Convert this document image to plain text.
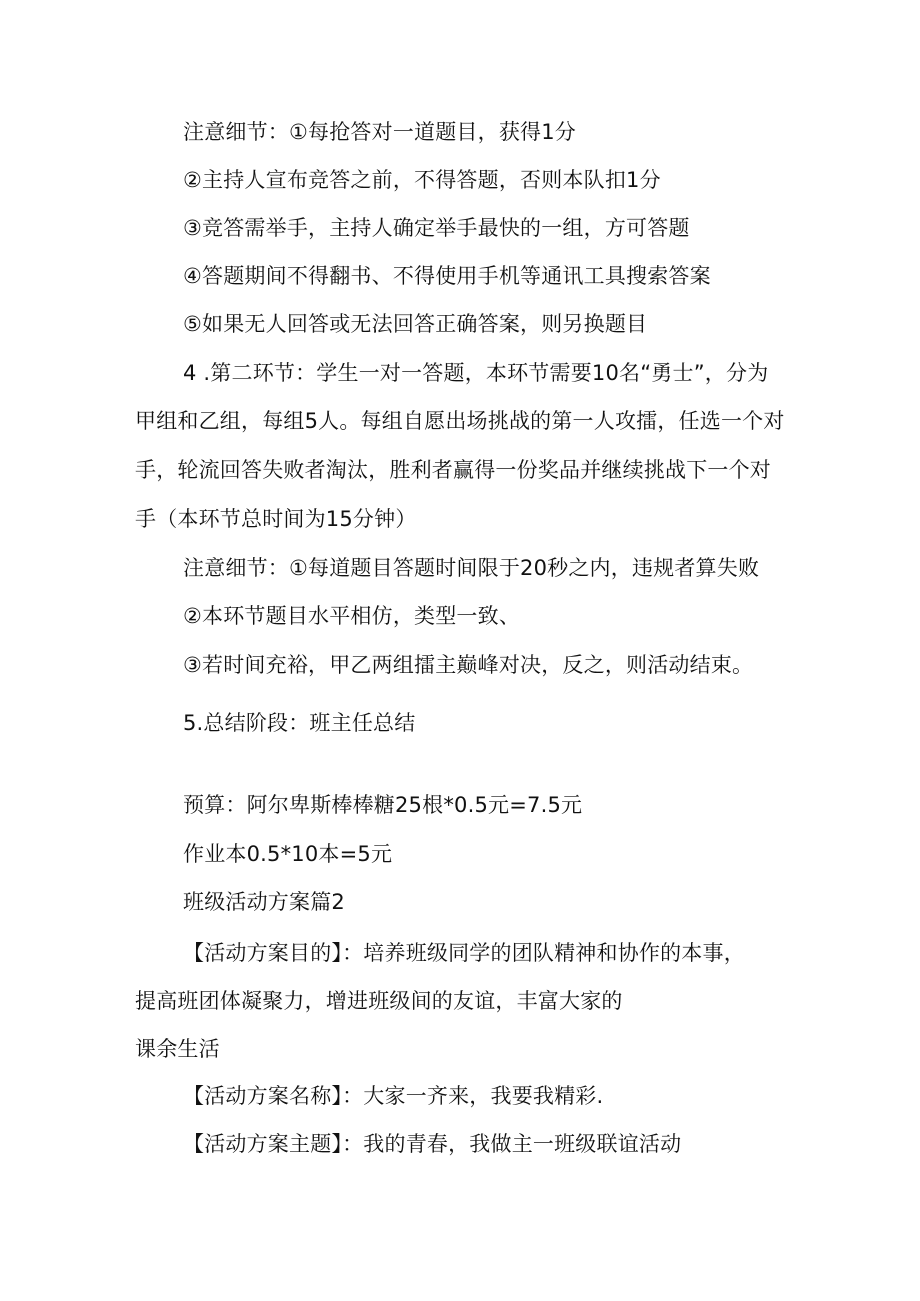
注意细节：①每抢答对一道题目，获得1分
②主持人宣布竞答之前，不得答题，否则本队扣1分
③竞答需举手，主持人确定举手最快的一组，方可答题
④答题期间不得翻书、不得使用手机等通讯工具搜索答案
⑤如果无人回答或无法回答正确答案，则另换题目
4 .第二环节：学生一对一答题，本环节需要10名“勇士”，分为
甲组和乙组，每组5人。每组自愿出场挑战的第一人攻擂，任选一个对
手，轮流回答失败者淘汰，胜利者赢得一份奖品并继续挑战下一个对
手（本环节总时间为15分钟）
注意细节：①每道题目答题时间限于20秒之内，违规者算失败
②本环节题目水平相仿，类型一致、
③若时间充裕，甲乙两组擂主巅峰对决，反之，则活动结束。
5.总结阶段：班主任总结
预算：阿尔卑斯棒棒糖25根*0.5元=7.5元
作业本0.5*10本=5元
班级活动方案篇2
【活动方案目的】：培养班级同学的团队精神和协作的本事，
提高班团体凝聚力，增进班级间的友谊，丰富大家的
课余生活
【活动方案名称】：大家一齐来，我要我精彩.
【活动方案主题】：我的青春，我做主一班级联谊活动
